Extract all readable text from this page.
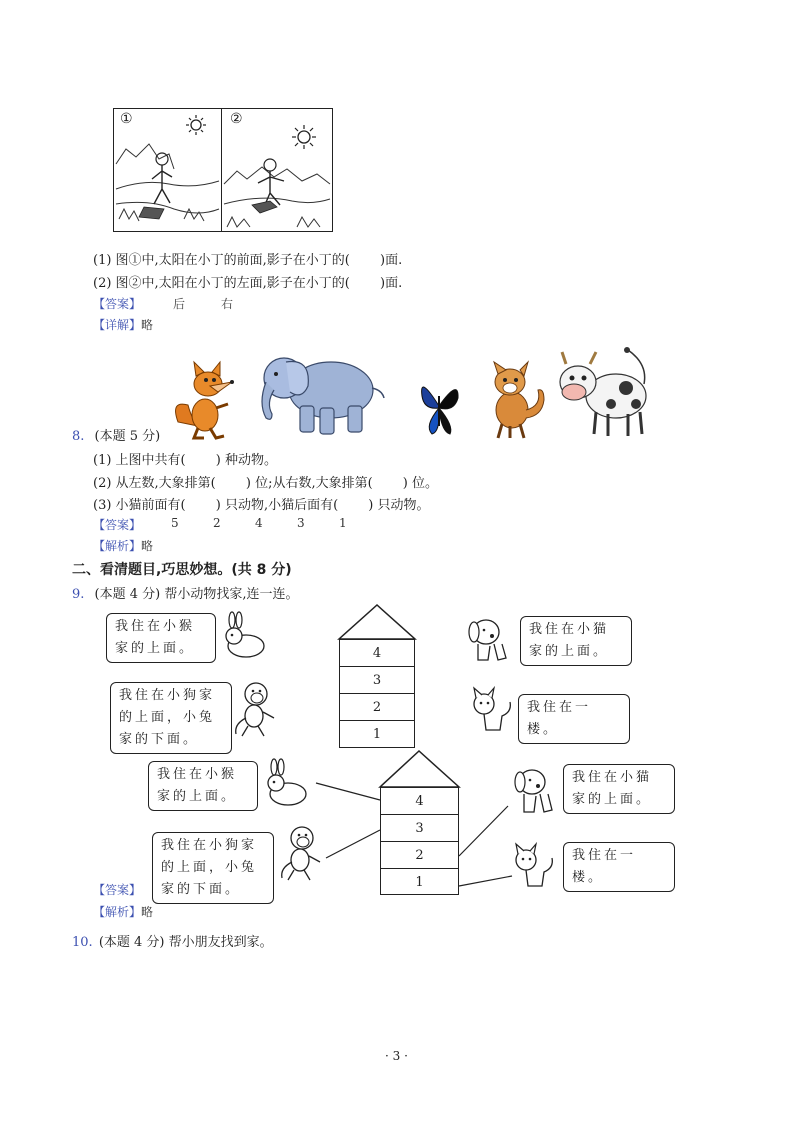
①	②
(1) 图①中,太阳在小丁的前面,影子在小丁的(　　 )面.
(2) 图②中,太阳在小丁的左面,影子在小丁的(　　 )面.
【答案】	后	右
【详解】略
8. (本题 5 分)
(1) 上图中共有(　　 ) 种动物。
(2) 从左数,大象排第(　　 ) 位;从右数,大象排第(　　 ) 位。
(3) 小猫前面有(　　 ) 只动物,小猫后面有(　　 ) 只动物。
【答案】 5	2	4	3	1
【解析】略
二、看清题目,巧思妙想。(共 8 分)
9. (本题 4 分) 帮小动物找家,连一连。
我住在小猴家的上面。
我住在小狗家的上面，小兔家的下面。
4
3
2
1
我住在小猫家的上面。
我住在一楼。
我住在小猴家的上面。
我住在小狗家的上面，小兔家的下面。
4
3
2
1
我住在小猫家的上面。
我住在一楼。
【答案】
【解析】略
10. (本题 4 分) 帮小朋友找到家。
· 3 ·
